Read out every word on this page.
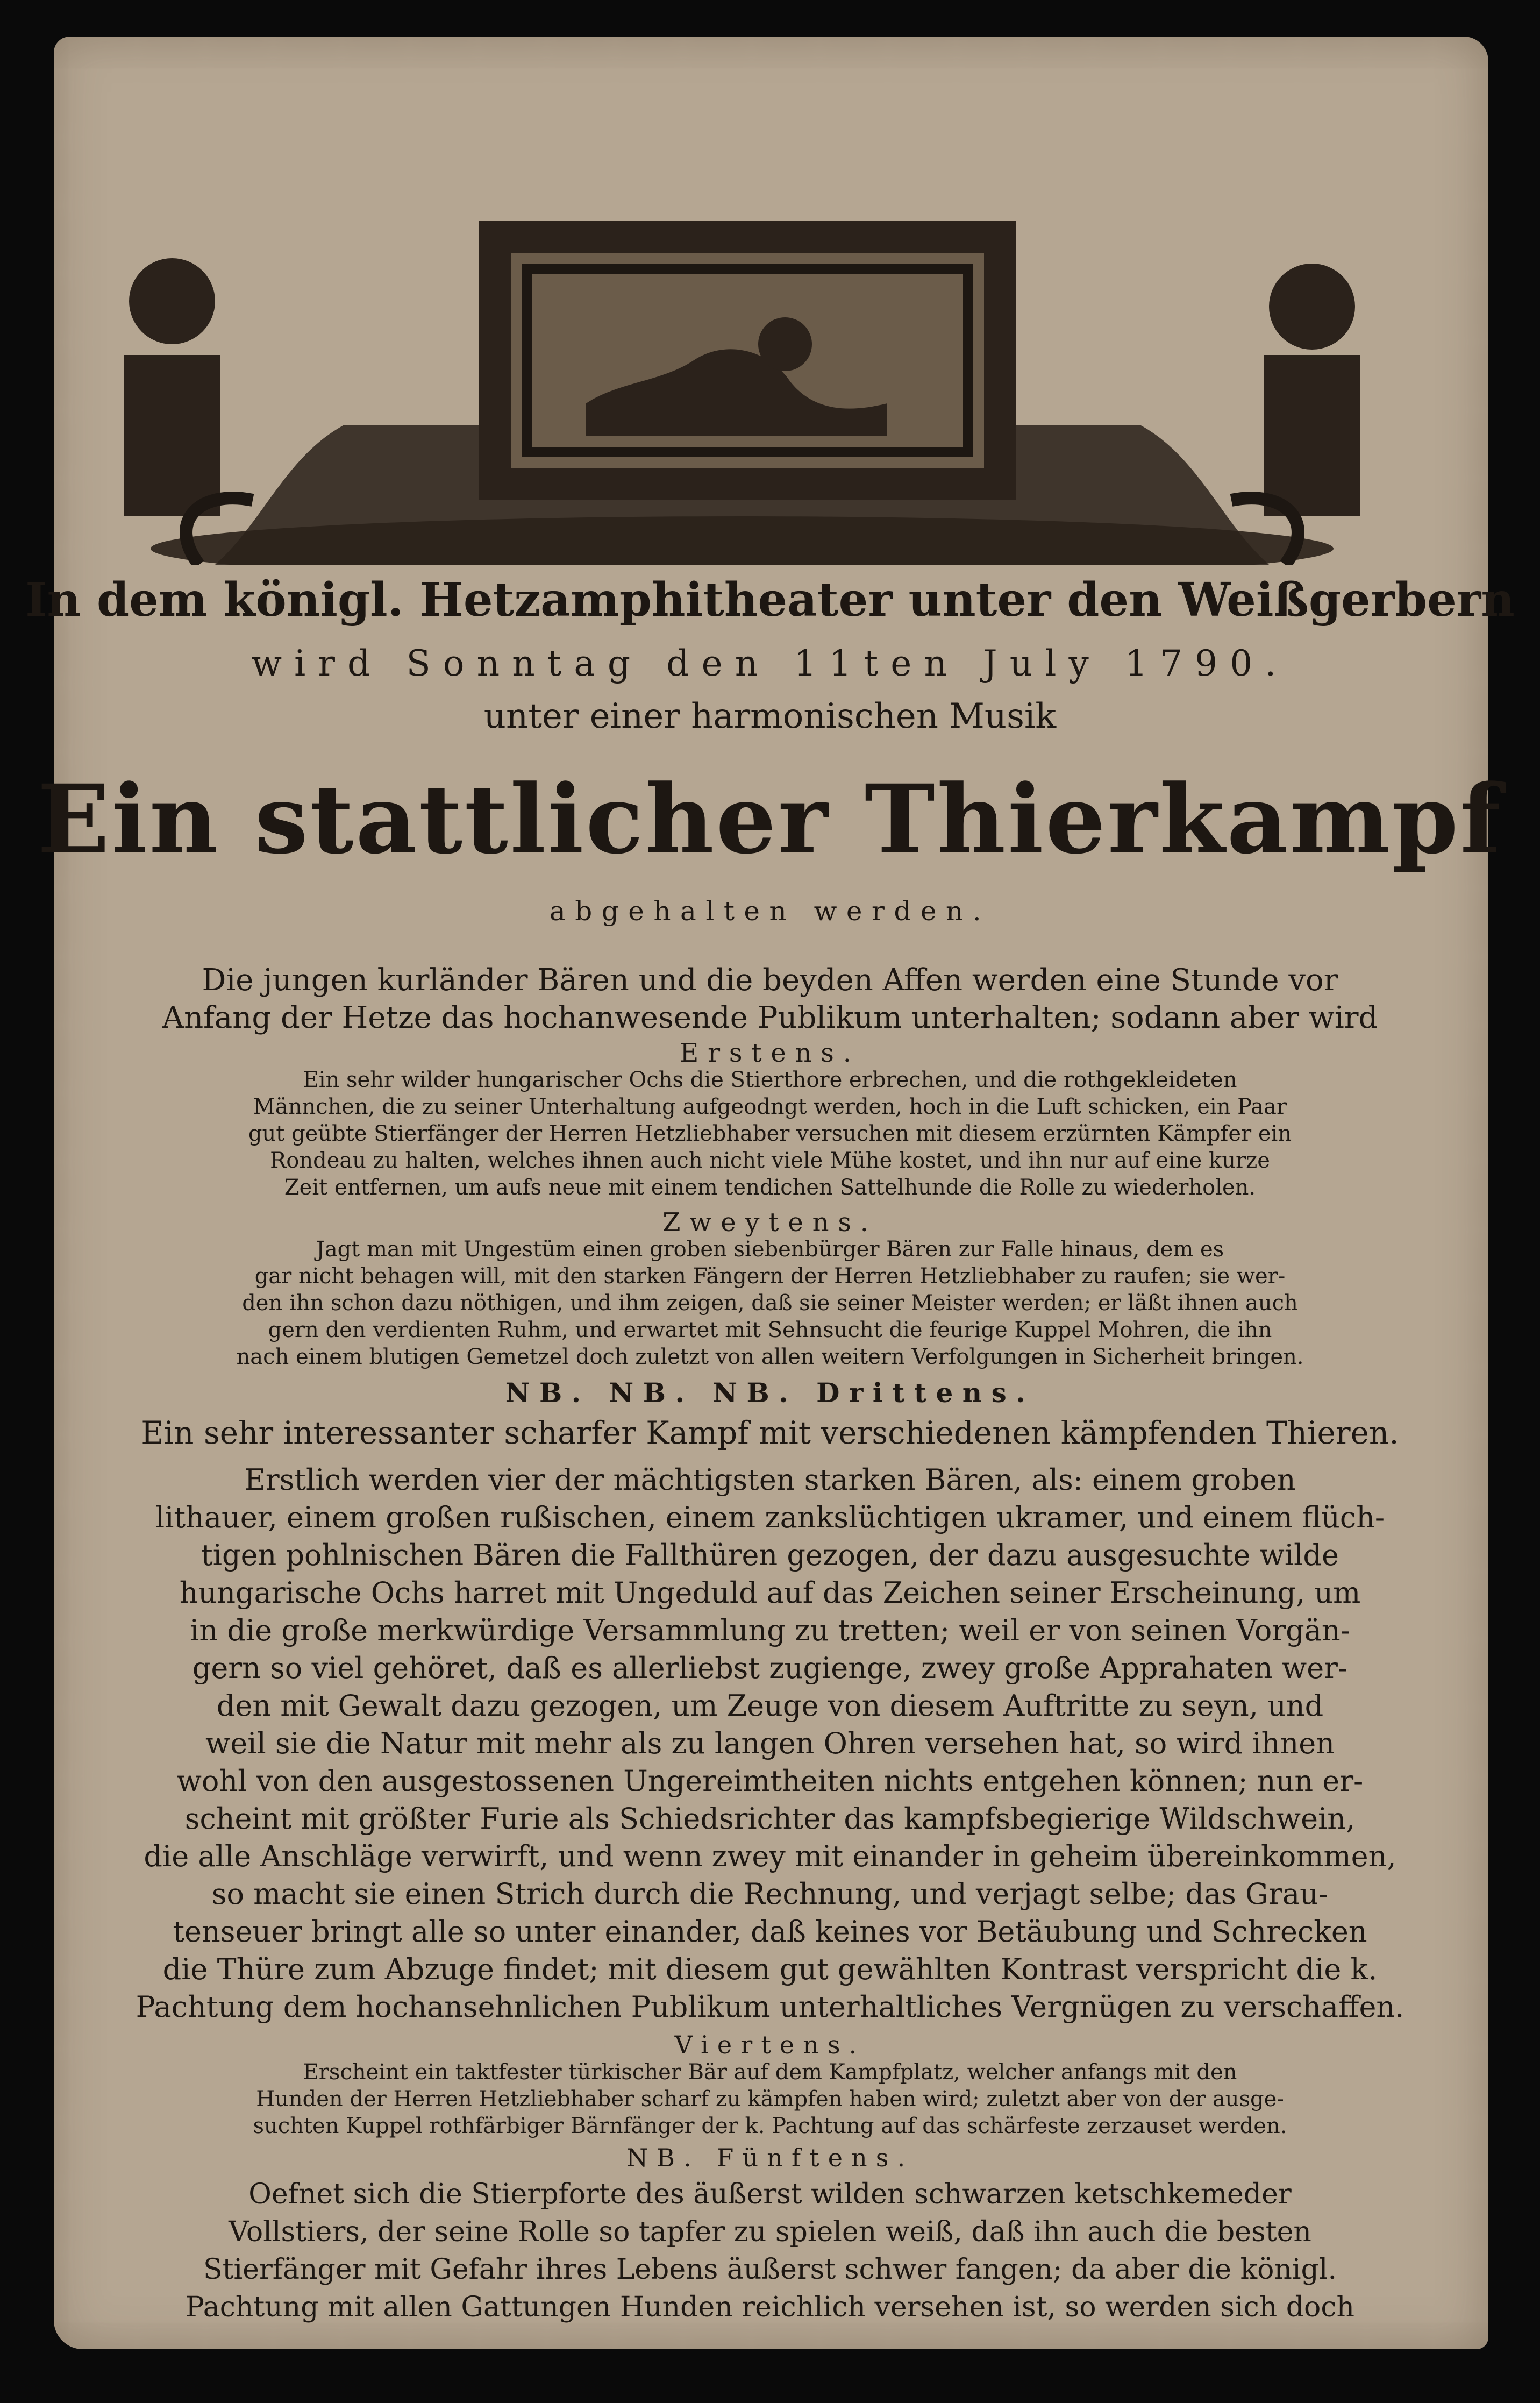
In dem königl. Hetzamphitheater unter den Weißgerbern
wird Sonntag den 11ten July 1790.
unter einer harmonischen Musik
Ein stattlicher Thierkampf
abgehalten werden.
Die jungen kurländer Bären und die beyden Affen werden eine Stunde vor
Anfang der Hetze das hochanwesende Publikum unterhalten; sodann aber wird
Erstens.
Ein sehr wilder hungarischer Ochs die Stierthore erbrechen, und die rothgekleideten
Männchen, die zu seiner Unterhaltung aufgeodngt werden, hoch in die Luft schicken, ein Paar
gut geübte Stierfänger der Herren Hetzliebhaber versuchen mit diesem erzürnten Kämpfer ein
Rondeau zu halten, welches ihnen auch nicht viele Mühe kostet, und ihn nur auf eine kurze
Zeit entfernen, um aufs neue mit einem tendichen Sattelhunde die Rolle zu wiederholen.
Zweytens.
Jagt man mit Ungestüm einen groben siebenbürger Bären zur Falle hinaus, dem es
gar nicht behagen will, mit den starken Fängern der Herren Hetzliebhaber zu raufen; sie wer-
den ihn schon dazu nöthigen, und ihm zeigen, daß sie seiner Meister werden; er läßt ihnen auch
gern den verdienten Ruhm, und erwartet mit Sehnsucht die feurige Kuppel Mohren, die ihn
nach einem blutigen Gemetzel doch zuletzt von allen weitern Verfolgungen in Sicherheit bringen.
NB. NB. NB. Drittens.
Ein sehr interessanter scharfer Kampf mit verschiedenen kämpfenden Thieren.
Erstlich werden vier der mächtigsten starken Bären, als: einem groben
lithauer, einem großen rußischen, einem zankslüchtigen ukramer, und einem flüch-
tigen pohlnischen Bären die Fallthüren gezogen, der dazu ausgesuchte wilde
hungarische Ochs harret mit Ungeduld auf das Zeichen seiner Erscheinung, um
in die große merkwürdige Versammlung zu tretten; weil er von seinen Vorgän-
gern so viel gehöret, daß es allerliebst zugienge, zwey große Apprahaten wer-
den mit Gewalt dazu gezogen, um Zeuge von diesem Auftritte zu seyn, und
weil sie die Natur mit mehr als zu langen Ohren versehen hat, so wird ihnen
wohl von den ausgestossenen Ungereimtheiten nichts entgehen können; nun er-
scheint mit größter Furie als Schiedsrichter das kampfsbegierige Wildschwein,
die alle Anschläge verwirft, und wenn zwey mit einander in geheim übereinkommen,
so macht sie einen Strich durch die Rechnung, und verjagt selbe; das Grau-
tenseuer bringt alle so unter einander, daß keines vor Betäubung und Schrecken
die Thüre zum Abzuge findet; mit diesem gut gewählten Kontrast verspricht die k.
Pachtung dem hochansehnlichen Publikum unterhaltliches Vergnügen zu verschaffen.
Viertens.
Erscheint ein taktfester türkischer Bär auf dem Kampfplatz, welcher anfangs mit den
Hunden der Herren Hetzliebhaber scharf zu kämpfen haben wird; zuletzt aber von der ausge-
suchten Kuppel rothfärbiger Bärnfänger der k. Pachtung auf das schärfeste zerzauset werden.
NB. Fünftens.
Oefnet sich die Stierpforte des äußerst wilden schwarzen ketschkemeder
Vollstiers, der seine Rolle so tapfer zu spielen weiß, daß ihn auch die besten
Stierfänger mit Gefahr ihres Lebens äußerst schwer fangen; da aber die königl.
Pachtung mit allen Gattungen Hunden reichlich versehen ist, so werden sich doch
